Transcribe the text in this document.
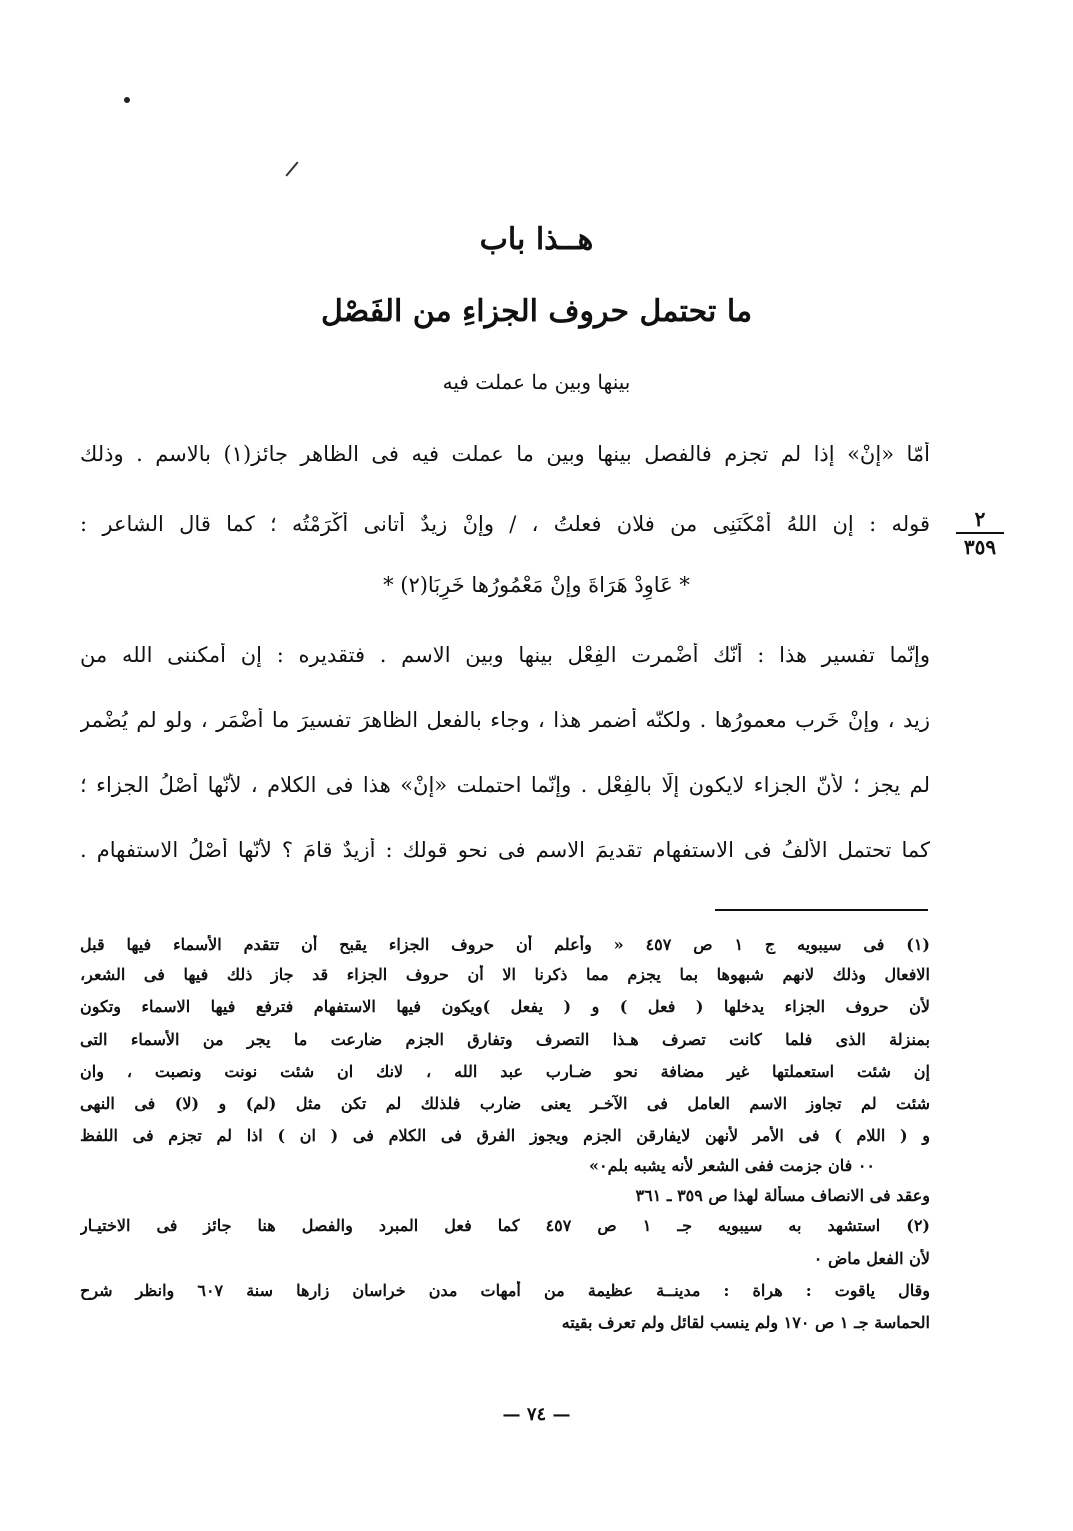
هــذا باب
ما تحتمل حروف الجزاءِ من الفَصْل
بينها وبين ما عملت فيه
٢
٣٥٩
أمّا «إنْ» إذا لم تجزم فالفصل بينها وبين ما عملت فيه فى الظاهر جائز(١) بالاسم . وذلك
قوله : إنِ اللهُ أمْكَنَنِى من فلان فعلتُ ، / وإنْ زيدٌ أتانى أكْرَمْتُه ؛ كما قال الشاعر :
وإنّما تفسير هذا : أنّك أضْمرت الفِعْل بينها وبين الاسم . فتقديره : إن أمكننى الله من
زيد ، وإنْ خَرِب معمورُها . ولكنّه أضمر هذا ، وجاء بالفعل الظاهرَ تفسيرَ ما أضْمَر ، ولو لم يُضْمر
لم يجز ؛ لأنّ الجزاء لايكون إلّا بالفِعْل . وإنّما احتملت «إنْ» هذا فى الكلام ، لأنّها أصْلُ الجزاء ؛
كما تحتمل الألفُ فى الاستفهام تقديمَ الاسم فى نحو قولك : أزيدٌ قامَ ؟ لأنّها أصْلُ الاستفهام .
* عَاوِدْ هَرَاةَ وإنْ مَعْمُورُها خَرِبَا(٢) *
(١) فى سيبويه ج ١ ص ٤٥٧ « وأعلم أن حروف الجزاء يقبح أن تتقدم الأسماء فيها قبل
الافعال وذلك لانهم شبهوها بما يجزم مما ذكرنا الا أن حروف الجزاء قد جاز ذلك فيها فى الشعر،
لأن حروف الجزاء يدخلها ( فعل ) و ( يفعل )ويكون فيها الاستفهام فترفع فيها الاسماء وتكون
بمنزلة الذى فلما كانت تصرف هـذا التصرف وتفارق الجزم ضارعت ما يجر من الأسماء التى
إن شئت استعملتها غير مضافة نحو ضـارب عبد الله ، لانك ان شئت نونت ونصبت ، وان
شئت لم تجاوز الاسم العامل فى الآخـر يعنى ضارب فلذلك لم تكن مثل (لم) و (لا) فى النهى
و ( اللام ) فى الأمر لأنهن لايفارقن الجزم ويجوز الفرق فى الكلام فى ( ان ) اذا لم تجزم فى اللفظ
٠٠ فان جزمت ففى الشعر لأنه يشبه بلم٠»
وعقد فى الانصاف مسألة لهذا ص ٣٥٩ ـ ٣٦١
(٢) استشهد به سيبويه جـ ١ ص ٤٥٧ كما فعل المبرد والفصل هنا جائز فى الاختيـار
لأن الفعل ماض ٠
وقال ياقوت : هراة : مدينــة عظيمة من أمهات مدن خراسان زارها سنة ٦٠٧ وانظر شرح
الحماسة جـ ١ ص ١٧٠ ولم ينسب لقائل ولم تعرف بقيته
— ٧٤ —
